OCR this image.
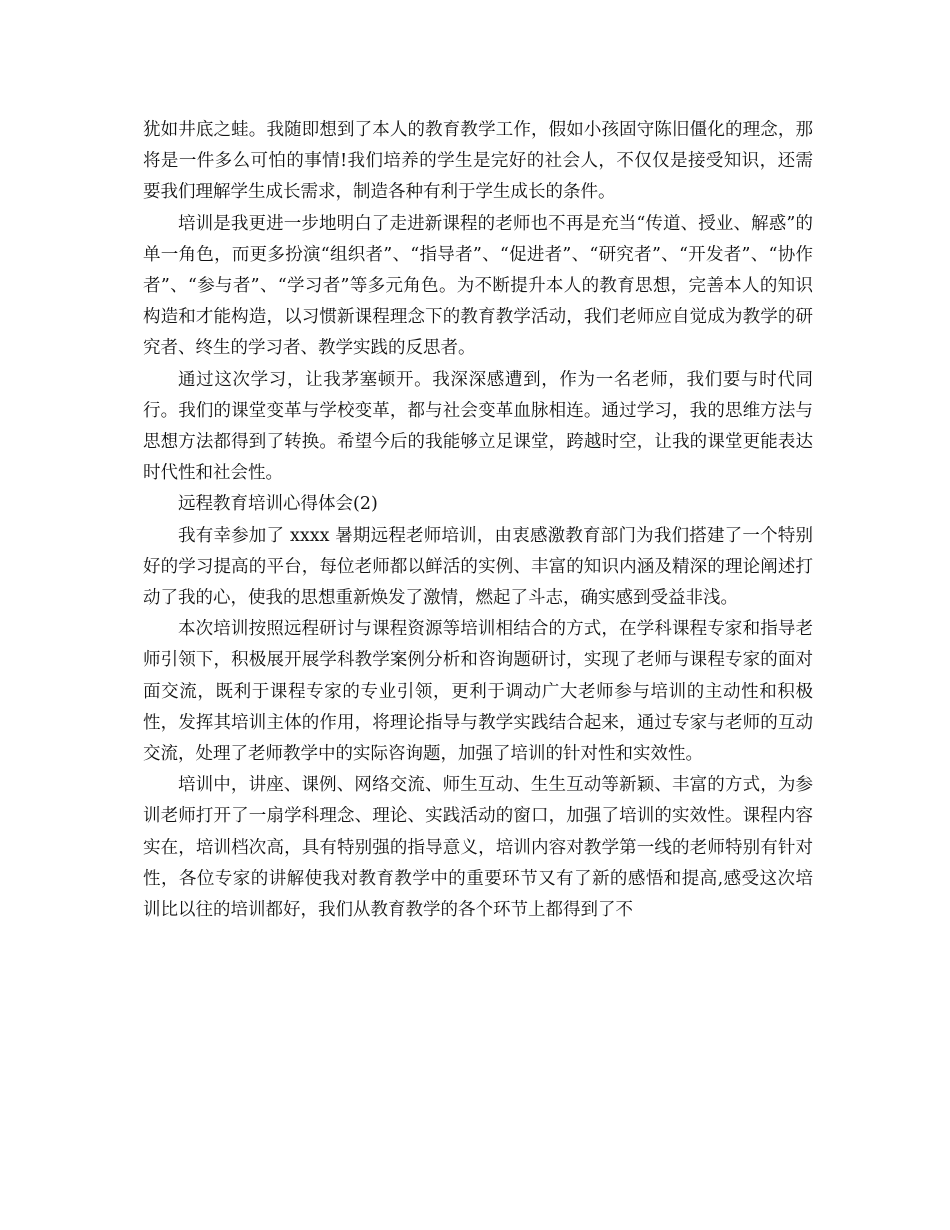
犹如井底之蛙。我随即想到了本人的教育教学工作，假如小孩固守陈旧僵化的理念，那将是一件多么可怕的事情!我们培养的学生是完好的社会人，不仅仅是接受知识，还需要我们理解学生成长需求，制造各种有利于学生成长的条件。

培训是我更进一步地明白了走进新课程的老师也不再是充当“传道、授业、解惑”的单一角色，而更多扮演“组织者”、“指导者”、“促进者”、“研究者”、“开发者”、“协作者”、“参与者”、“学习者”等多元角色。为不断提升本人的教育思想，完善本人的知识构造和才能构造，以习惯新课程理念下的教育教学活动，我们老师应自觉成为教学的研究者、终生的学习者、教学实践的反思者。

通过这次学习，让我茅塞顿开。我深深感遭到，作为一名老师，我们要与时代同行。我们的课堂变革与学校变革，都与社会变革血脉相连。通过学习，我的思维方法与思想方法都得到了转换。希望今后的我能够立足课堂，跨越时空，让我的课堂更能表达时代性和社会性。

远程教育培训心得体会(2)

我有幸参加了 xxxx 暑期远程老师培训，由衷感激教育部门为我们搭建了一个特别好的学习提高的平台，每位老师都以鲜活的实例、丰富的知识内涵及精深的理论阐述打动了我的心，使我的思想重新焕发了激情，燃起了斗志，确实感到受益非浅。

本次培训按照远程研讨与课程资源等培训相结合的方式，在学科课程专家和指导老师引领下，积极展开展学科教学案例分析和咨询题研讨，实现了老师与课程专家的面对面交流，既利于课程专家的专业引领，更利于调动广大老师参与培训的主动性和积极性，发挥其培训主体的作用，将理论指导与教学实践结合起来，通过专家与老师的互动交流，处理了老师教学中的实际咨询题，加强了培训的针对性和实效性。

培训中，讲座、课例、网络交流、师生互动、生生互动等新颖、丰富的方式，为参训老师打开了一扇学科理念、理论、实践活动的窗口，加强了培训的实效性。课程内容实在，培训档次高，具有特别强的指导意义，培训内容对教学第一线的老师特别有针对性，各位专家的讲解使我对教育教学中的重要环节又有了新的感悟和提高,感受这次培训比以往的培训都好，我们从教育教学的各个环节上都得到了不
